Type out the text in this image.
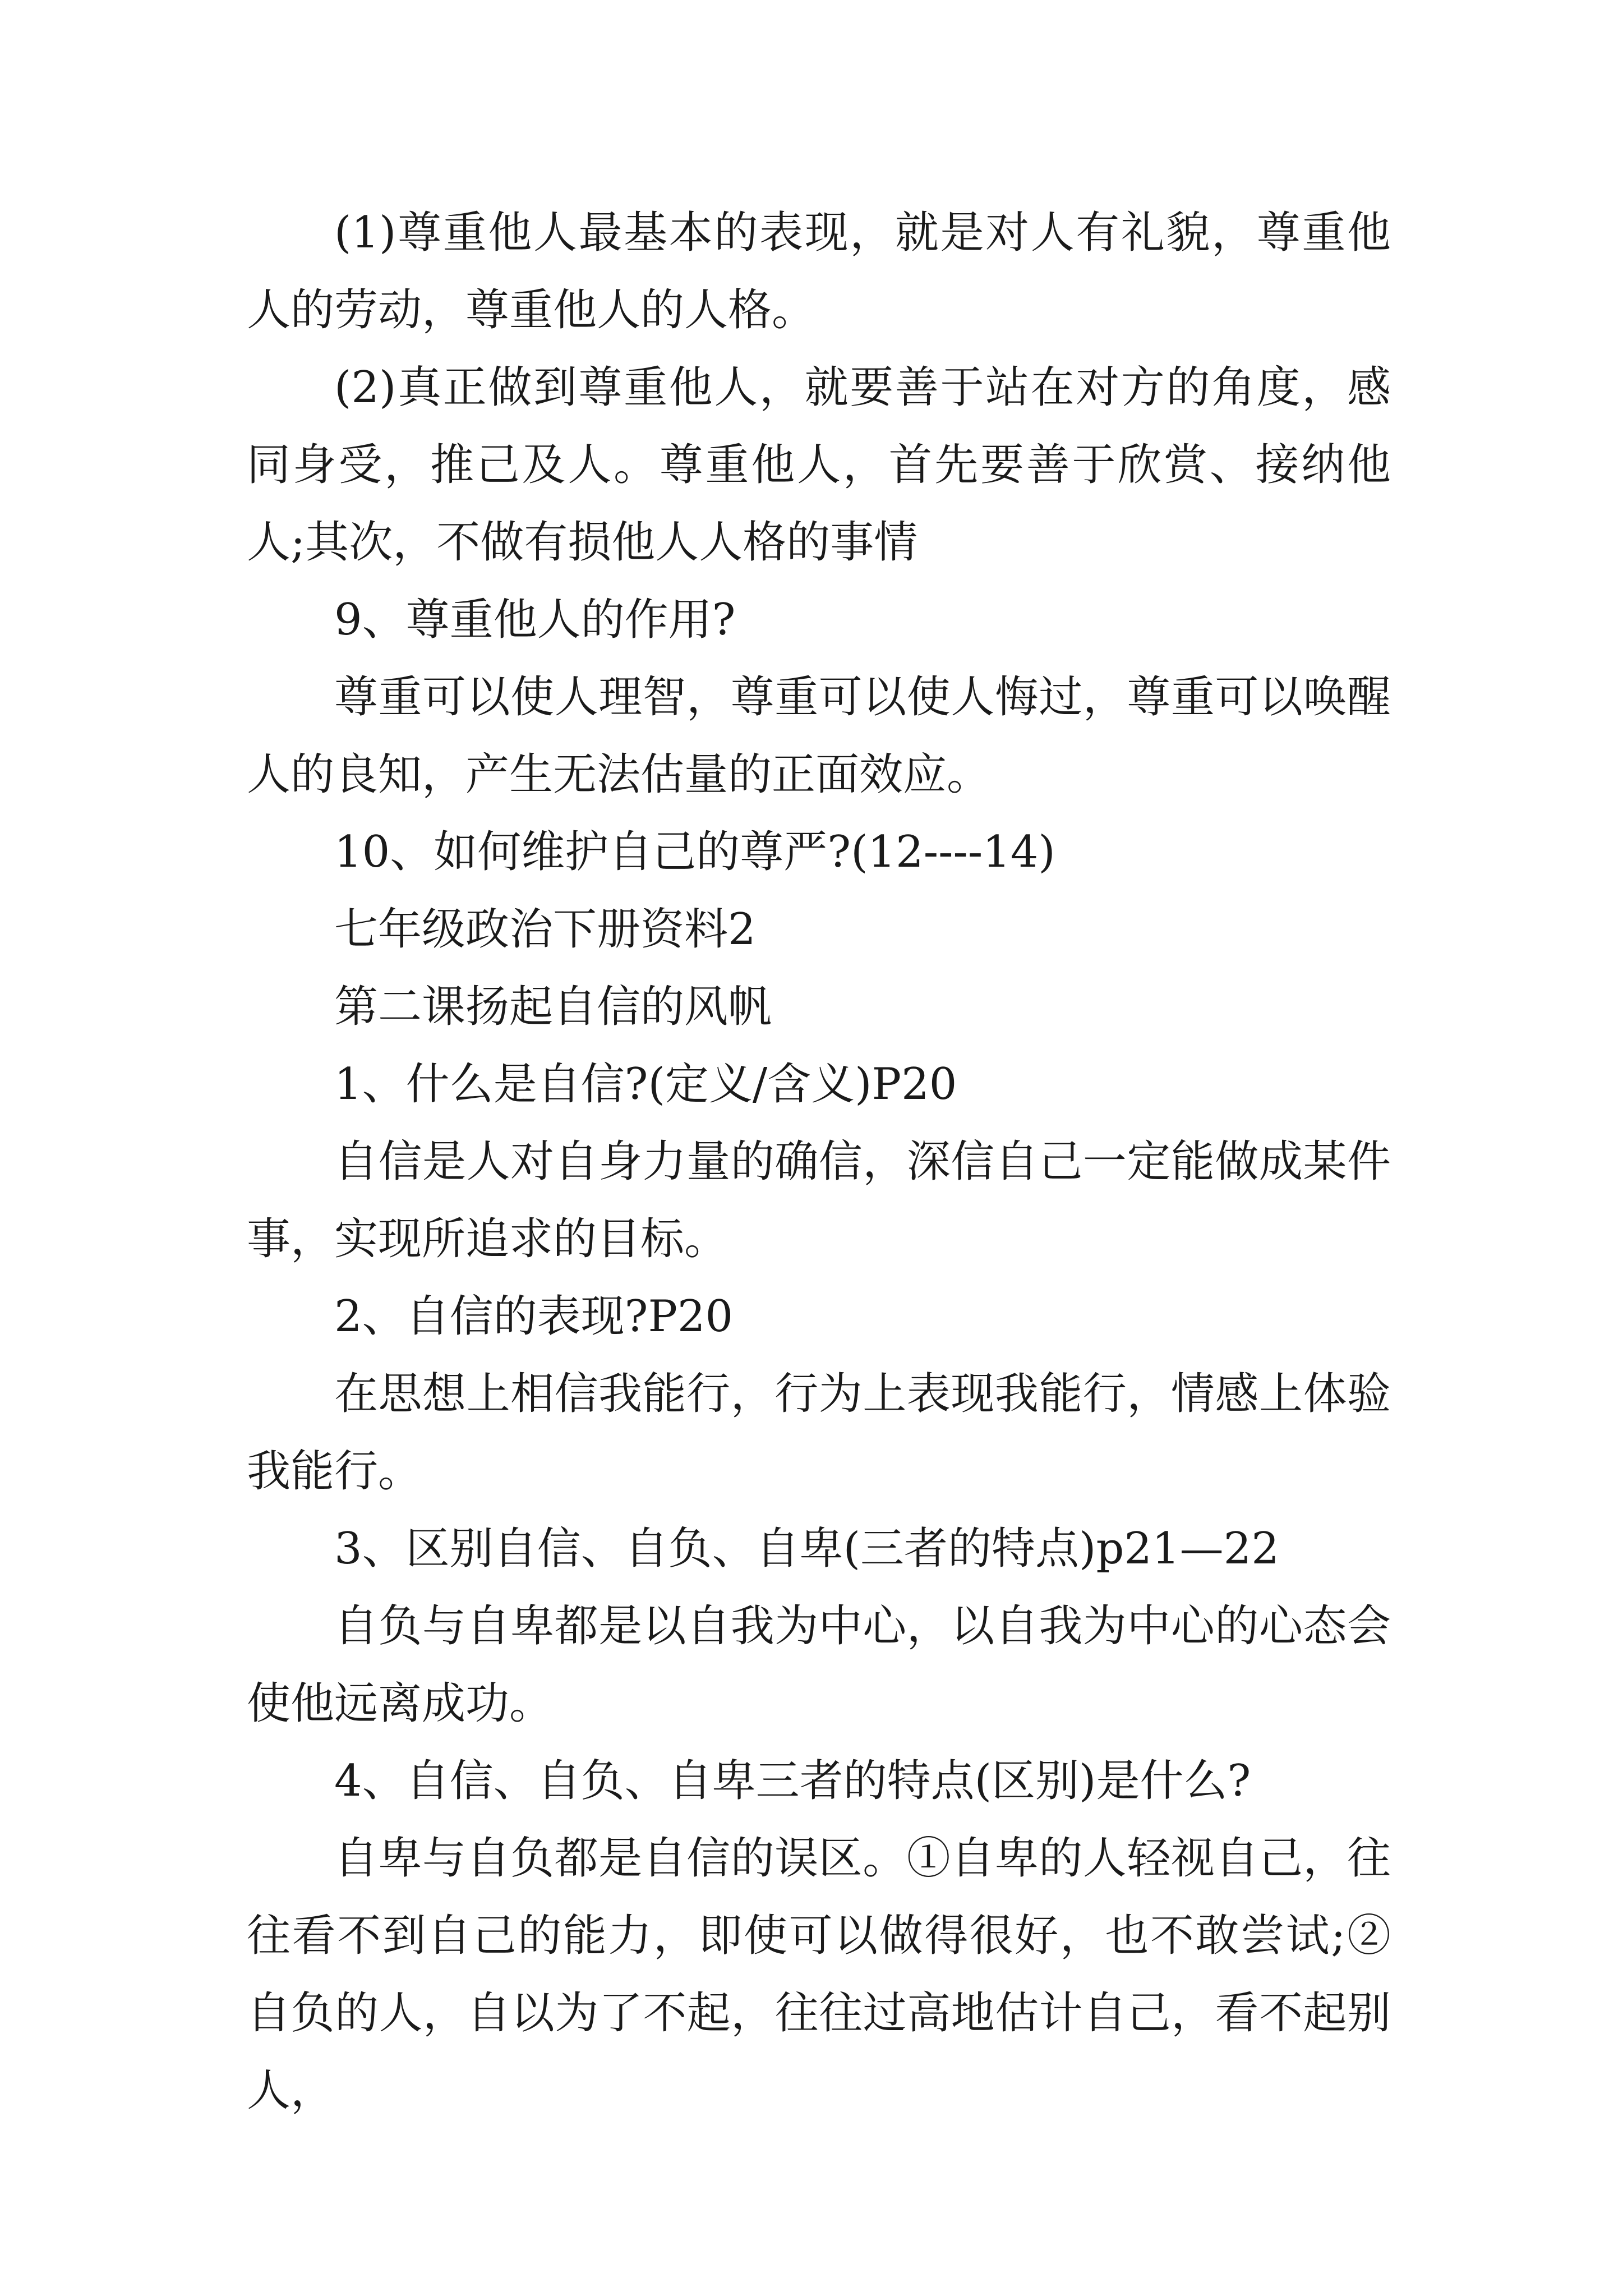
(1)尊重他人最基本的表现，就是对人有礼貌，尊重他人的劳动，尊重他人的人格。

(2)真正做到尊重他人，就要善于站在对方的角度，感同身受，推己及人。尊重他人，首先要善于欣赏、接纳他人;其次，不做有损他人人格的事情

9、尊重他人的作用?

尊重可以使人理智，尊重可以使人悔过，尊重可以唤醒人的良知，产生无法估量的正面效应。

10、如何维护自己的尊严?(12----14)

七年级政治下册资料2

第二课扬起自信的风帆

1、什么是自信?(定义/含义)P20

自信是人对自身力量的确信，深信自己一定能做成某件事，实现所追求的目标。

2、自信的表现?P20

在思想上相信我能行，行为上表现我能行，情感上体验我能行。

3、区别自信、自负、自卑(三者的特点)p21—22

自负与自卑都是以自我为中心，以自我为中心的心态会使他远离成功。

4、自信、自负、自卑三者的特点(区别)是什么?

自卑与自负都是自信的误区。①自卑的人轻视自己，往往看不到自己的能力，即使可以做得很好，也不敢尝试;②自负的人，自以为了不起，往往过高地估计自己，看不起别人，
